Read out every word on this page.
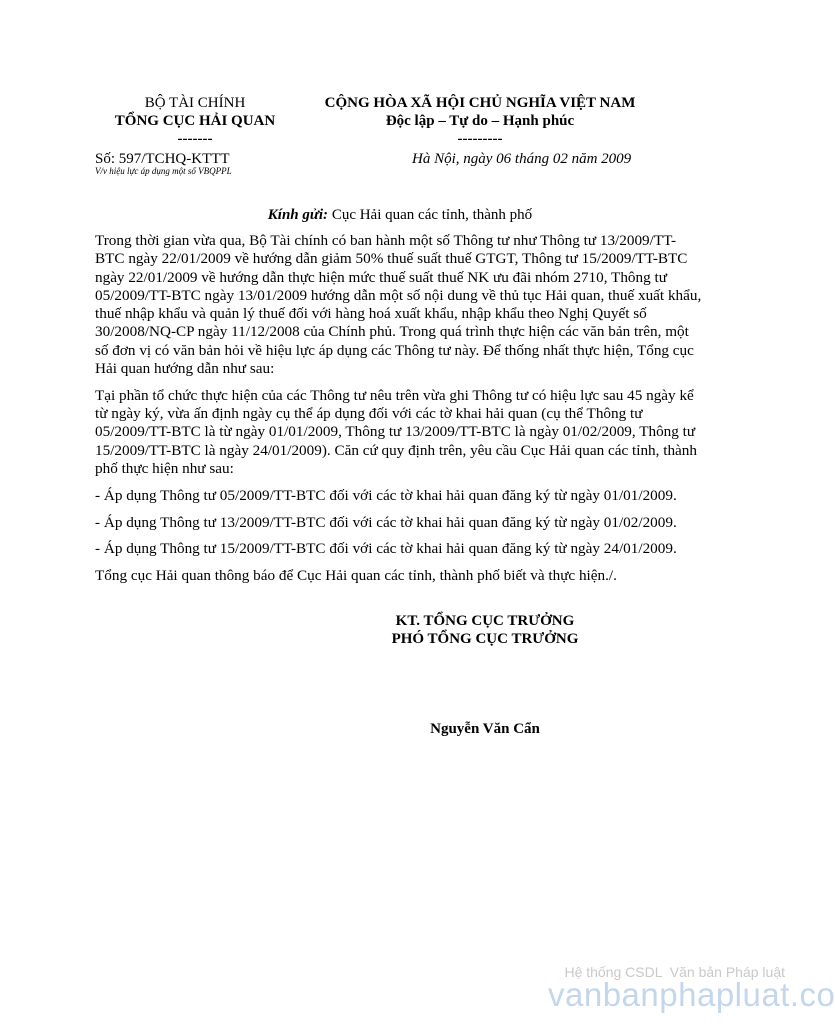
BỘ TÀI CHÍNH
TỔNG CỤC HẢI QUAN
-------
CỘNG HÒA XÃ HỘI CHỦ NGHĨA VIỆT NAM
Độc lập – Tự do – Hạnh phúc
---------
Số: 597/TCHQ-KTTT
V/v hiệu lực áp dụng một số VBQPPL
Hà Nội, ngày 06 tháng 02 năm 2009
Kính gửi: Cục Hải quan các tỉnh, thành phố

Trong thời gian vừa qua, Bộ Tài chính có ban hành một số Thông tư như Thông tư 13/2009/TT-BTC ngày 22/01/2009 về hướng dẫn giảm 50% thuế suất thuế GTGT, Thông tư 15/2009/TT-BTC ngày 22/01/2009 về hướng dẫn thực hiện mức thuế suất thuế NK ưu đãi nhóm 2710, Thông tư 05/2009/TT-BTC ngày 13/01/2009 hướng dẫn một số nội dung về thủ tục Hải quan, thuế xuất khẩu, thuế nhập khẩu và quản lý thuế đối với hàng hoá xuất khẩu, nhập khẩu theo Nghị Quyết số 30/2008/NQ-CP ngày 11/12/2008 của Chính phủ. Trong quá trình thực hiện các văn bản trên, một số đơn vị có văn bản hỏi về hiệu lực áp dụng các Thông tư này. Để thống nhất thực hiện, Tổng cục Hải quan hướng dẫn như sau:

Tại phần tổ chức thực hiện của các Thông tư nêu trên vừa ghi Thông tư có hiệu lực sau 45 ngày kể từ ngày ký, vừa ấn định ngày cụ thể áp dụng đối với các tờ khai hải quan (cụ thể Thông tư 05/2009/TT-BTC là từ ngày 01/01/2009, Thông tư 13/2009/TT-BTC là ngày 01/02/2009, Thông tư 15/2009/TT-BTC là ngày 24/01/2009). Căn cứ quy định trên, yêu cầu Cục Hải quan các tỉnh, thành phố thực hiện như sau:

- Áp dụng Thông tư 05/2009/TT-BTC đối với các tờ khai hải quan đăng ký từ ngày 01/01/2009.

- Áp dụng Thông tư 13/2009/TT-BTC đối với các tờ khai hải quan đăng ký từ ngày 01/02/2009.

- Áp dụng Thông tư 15/2009/TT-BTC đối với các tờ khai hải quan đăng ký từ ngày 24/01/2009.

Tổng cục Hải quan thông báo để Cục Hải quan các tỉnh, thành phố biết và thực hiện./.

KT. TỔNG CỤC TRƯỞNG
PHÓ TỔNG CỤC TRƯỞNG
Nguyễn Văn Cẩn
Hệ thống CSDL  Văn bản Pháp luật
vanbanphapluat.co
